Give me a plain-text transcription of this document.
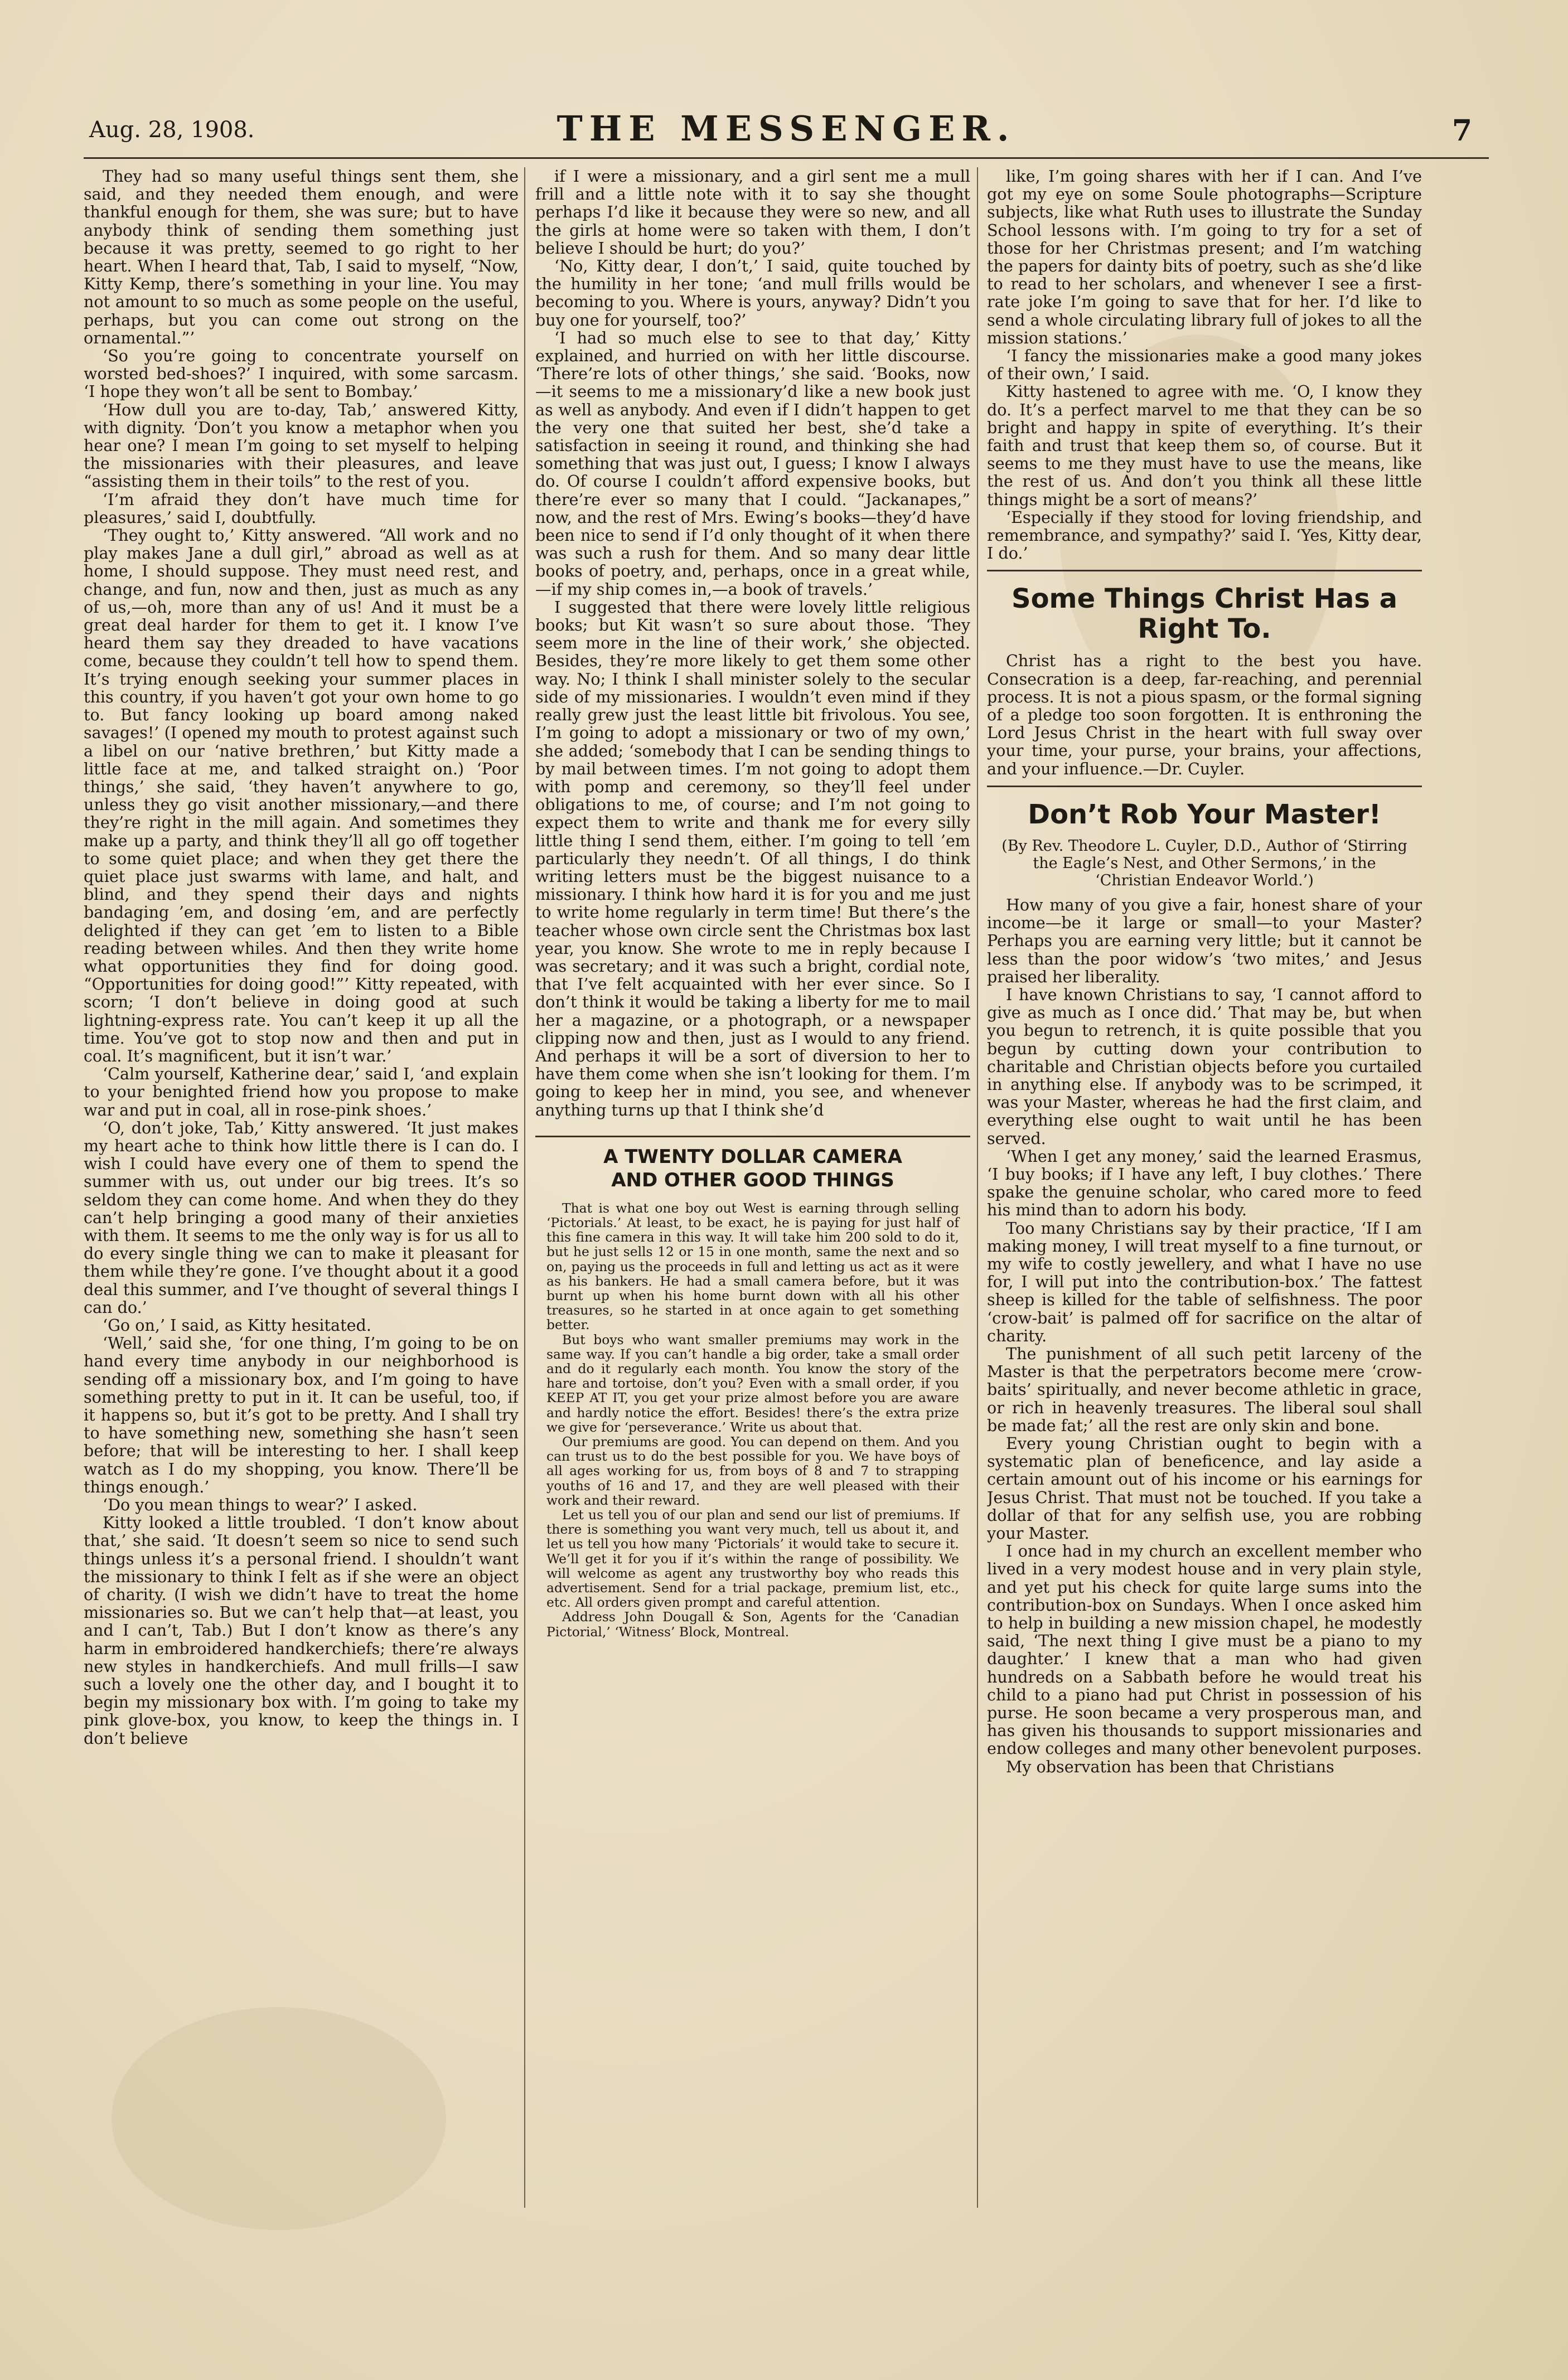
Aug. 28, 1908.	THE MESSENGER.	7

They had so many useful things sent them, she said, and they needed them enough, and were thankful enough for them, she was sure; but to have anybody think of sending them something just because it was pretty, seemed to go right to her heart. When I heard that, Tab, I said to myself, “Now, Kitty Kemp, there’s something in your line. You may not amount to so much as some people on the useful, perhaps, but you can come out strong on the ornamental.”’

‘So you’re going to concentrate yourself on worsted bed-shoes?’ I inquired, with some sarcasm. ‘I hope they won’t all be sent to Bombay.’

‘How dull you are to-day, Tab,’ answered Kitty, with dignity. ‘Don’t you know a metaphor when you hear one? I mean I’m going to set myself to helping the missionaries with their pleasures, and leave “assisting them in their toils” to the rest of you.

‘I’m afraid they don’t have much time for pleasures,’ said I, doubtfully.

‘They ought to,’ Kitty answered. “All work and no play makes Jane a dull girl,” abroad as well as at home, I should suppose. They must need rest, and change, and fun, now and then, just as much as any of us,—oh, more than any of us! And it must be a great deal harder for them to get it. I know I’ve heard them say they dreaded to have vacations come, because they couldn’t tell how to spend them. It’s trying enough seeking your summer places in this country, if you haven’t got your own home to go to. But fancy looking up board among naked savages!’ (I opened my mouth to protest against such a libel on our ‘native brethren,’ but Kitty made a little face at me, and talked straight on.) ‘Poor things,’ she said, ‘they haven’t anywhere to go, unless they go visit another missionary,—and there they’re right in the mill again. And sometimes they make up a party, and think they’ll all go off together to some quiet place; and when they get there the quiet place just swarms with lame, and halt, and blind, and they spend their days and nights bandaging ’em, and dosing ’em, and are perfectly delighted if they can get ’em to listen to a Bible reading between whiles. And then they write home what opportunities they find for doing good. “Opportunities for doing good!”’ Kitty repeated, with scorn; ‘I don’t believe in doing good at such lightning-express rate. You can’t keep it up all the time. You’ve got to stop now and then and put in coal. It’s magnificent, but it isn’t war.’

‘Calm yourself, Katherine dear,’ said I, ‘and explain to your benighted friend how you propose to make war and put in coal, all in rose-pink shoes.’

‘O, don’t joke, Tab,’ Kitty answered. ‘It just makes my heart ache to think how little there is I can do. I wish I could have every one of them to spend the summer with us, out under our big trees. It’s so seldom they can come home. And when they do they can’t help bringing a good many of their anxieties with them. It seems to me the only way is for us all to do every single thing we can to make it pleasant for them while they’re gone. I’ve thought about it a good deal this summer, and I’ve thought of several things I can do.’

‘Go on,’ I said, as Kitty hesitated.

‘Well,’ said she, ‘for one thing, I’m going to be on hand every time anybody in our neighborhood is sending off a missionary box, and I’m going to have something pretty to put in it. It can be useful, too, if it happens so, but it’s got to be pretty. And I shall try to have something new, something she hasn’t seen before; that will be interesting to her. I shall keep watch as I do my shopping, you know. There’ll be things enough.’

‘Do you mean things to wear?’ I asked.

Kitty looked a little troubled. ‘I don’t know about that,’ she said. ‘It doesn’t seem so nice to send such things unless it’s a personal friend. I shouldn’t want the missionary to think I felt as if she were an object of charity. (I wish we didn’t have to treat the home missionaries so. But we can’t help that—at least, you and I can’t, Tab.) But I don’t know as there’s any harm in embroidered handkerchiefs; there’re always new styles in handkerchiefs. And mull frills—I saw such a lovely one the other day, and I bought it to begin my missionary box with. I’m going to take my pink glove-box, you know, to keep the things in. I don’t believe

if I were a missionary, and a girl sent me a mull frill and a little note with it to say she thought perhaps I’d like it because they were so new, and all the girls at home were so taken with them, I don’t believe I should be hurt; do you?’

‘No, Kitty dear, I don’t,’ I said, quite touched by the humility in her tone; ‘and mull frills would be becoming to you. Where is yours, anyway? Didn’t you buy one for yourself, too?’

‘I had so much else to see to that day,’ Kitty explained, and hurried on with her little discourse. ‘There’re lots of other things,’ she said. ‘Books, now—it seems to me a missionary’d like a new book just as well as anybody. And even if I didn’t happen to get the very one that suited her best, she’d take a satisfaction in seeing it round, and thinking she had something that was just out, I guess; I know I always do. Of course I couldn’t afford expensive books, but there’re ever so many that I could. “Jackanapes,” now, and the rest of Mrs. Ewing’s books—they’d have been nice to send if I’d only thought of it when there was such a rush for them. And so many dear little books of poetry, and, perhaps, once in a great while,—if my ship comes in,—a book of travels.’

I suggested that there were lovely little religious books; but Kit wasn’t so sure about those. ‘They seem more in the line of their work,’ she objected. Besides, they’re more likely to get them some other way. No; I think I shall minister solely to the secular side of my missionaries. I wouldn’t even mind if they really grew just the least little bit frivolous. You see, I’m going to adopt a missionary or two of my own,’ she added; ‘somebody that I can be sending things to by mail between times. I’m not going to adopt them with pomp and ceremony, so they’ll feel under obligations to me, of course; and I’m not going to expect them to write and thank me for every silly little thing I send them, either. I’m going to tell ’em particularly they needn’t. Of all things, I do think writing letters must be the biggest nuisance to a missionary. I think how hard it is for you and me just to write home regularly in term time! But there’s the teacher whose own circle sent the Christmas box last year, you know. She wrote to me in reply because I was secretary; and it was such a bright, cordial note, that I’ve felt acquainted with her ever since. So I don’t think it would be taking a liberty for me to mail her a magazine, or a photograph, or a newspaper clipping now and then, just as I would to any friend. And perhaps it will be a sort of diversion to her to have them come when she isn’t looking for them. I’m going to keep her in mind, you see, and whenever anything turns up that I think she’d

A TWENTY DOLLAR CAMERA
AND OTHER GOOD THINGS

That is what one boy out West is earning through selling ‘Pictorials.’ At least, to be exact, he is paying for just half of this fine camera in this way. It will take him 200 sold to do it, but he just sells 12 or 15 in one month, same the next and so on, paying us the proceeds in full and letting us act as it were as his bankers. He had a small camera before, but it was burnt up when his home burnt down with all his other treasures, so he started in at once again to get something better.

But boys who want smaller premiums may work in the same way. If you can’t handle a big order, take a small order and do it regularly each month. You know the story of the hare and tortoise, don’t you? Even with a small order, if you KEEP AT IT, you get your prize almost before you are aware and hardly notice the effort. Besides! there’s the extra prize we give for ‘perseverance.’ Write us about that.

Our premiums are good. You can depend on them. And you can trust us to do the best possible for you. We have boys of all ages working for us, from boys of 8 and 7 to strapping youths of 16 and 17, and they are well pleased with their work and their reward.

Let us tell you of our plan and send our list of premiums. If there is something you want very much, tell us about it, and let us tell you how many ‘Pictorials’ it would take to secure it. We’ll get it for you if it’s within the range of possibility. We will welcome as agent any trustworthy boy who reads this advertisement. Send for a trial package, premium list, etc., etc. All orders given prompt and careful attention.

Address John Dougall & Son, Agents for the ‘Canadian Pictorial,’ ‘Witness’ Block, Montreal.

like, I’m going shares with her if I can. And I’ve got my eye on some Soule photographs—Scripture subjects, like what Ruth uses to illustrate the Sunday School lessons with. I’m going to try for a set of those for her Christmas present; and I’m watching the papers for dainty bits of poetry, such as she’d like to read to her scholars, and whenever I see a first-rate joke I’m going to save that for her. I’d like to send a whole circulating library full of jokes to all the mission stations.’

‘I fancy the missionaries make a good many jokes of their own,’ I said.

Kitty hastened to agree with me. ‘O, I know they do. It’s a perfect marvel to me that they can be so bright and happy in spite of everything. It’s their faith and trust that keep them so, of course. But it seems to me they must have to use the means, like the rest of us. And don’t you think all these little things might be a sort of means?’

‘Especially if they stood for loving friendship, and remembrance, and sympathy?’ said I. ‘Yes, Kitty dear, I do.’

Some Things Christ Has a
Right To.

Christ has a right to the best you have. Consecration is a deep, far-reaching, and perennial process. It is not a pious spasm, or the formal signing of a pledge too soon forgotten. It is enthroning the Lord Jesus Christ in the heart with full sway over your time, your purse, your brains, your affections, and your influence.—Dr. Cuyler.

Don’t Rob Your Master!
(By Rev. Theodore L. Cuyler, D.D., Author of ‘Stirring the Eagle’s Nest, and Other Sermons,’ in the ‘Christian Endeavor World.’)

How many of you give a fair, honest share of your income—be it large or small—to your Master? Perhaps you are earning very little; but it cannot be less than the poor widow’s ‘two mites,’ and Jesus praised her liberality.

I have known Christians to say, ‘I cannot afford to give as much as I once did.’ That may be, but when you begun to retrench, it is quite possible that you begun by cutting down your contribution to charitable and Christian objects before you curtailed in anything else. If anybody was to be scrimped, it was your Master, whereas he had the first claim, and everything else ought to wait until he has been served.

‘When I get any money,’ said the learned Erasmus, ‘I buy books; if I have any left, I buy clothes.’ There spake the genuine scholar, who cared more to feed his mind than to adorn his body.

Too many Christians say by their practice, ‘If I am making money, I will treat myself to a fine turnout, or my wife to costly jewellery, and what I have no use for, I will put into the contribution-box.’ The fattest sheep is killed for the table of selfishness. The poor ‘crow-bait’ is palmed off for sacrifice on the altar of charity.

The punishment of all such petit larceny of the Master is that the perpetrators become mere ‘crow-baits’ spiritually, and never become athletic in grace, or rich in heavenly treasures. The liberal soul shall be made fat;’ all the rest are only skin and bone.

Every young Christian ought to begin with a systematic plan of beneficence, and lay aside a certain amount out of his income or his earnings for Jesus Christ. That must not be touched. If you take a dollar of that for any selfish use, you are robbing your Master.

I once had in my church an excellent member who lived in a very modest house and in very plain style, and yet put his check for quite large sums into the contribution-box on Sundays. When I once asked him to help in building a new mission chapel, he modestly said, ‘The next thing I give must be a piano to my daughter.’ I knew that a man who had given hundreds on a Sabbath before he would treat his child to a piano had put Christ in possession of his purse. He soon became a very prosperous man, and has given his thousands to support missionaries and endow colleges and many other benevolent purposes.

My observation has been that Christians
